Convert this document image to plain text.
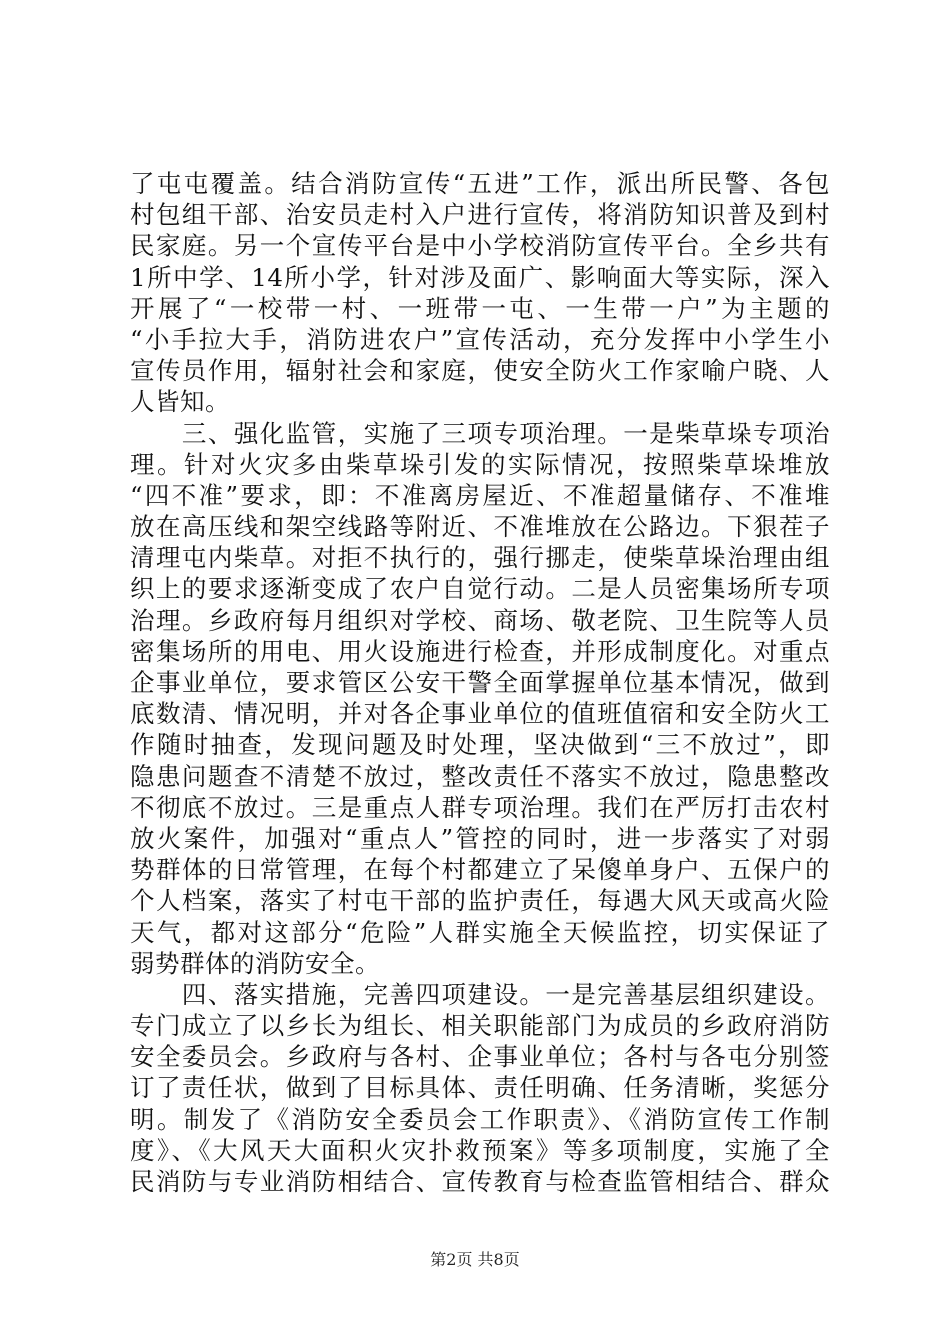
了屯屯覆盖。结合消防宣传“五进”工作，派出所民警、各包
村包组干部、治安员走村入户进行宣传，将消防知识普及到村
民家庭。另一个宣传平台是中小学校消防宣传平台。全乡共有
1所中学、14所小学，针对涉及面广、影响面大等实际，深入
开展了“一校带一村、一班带一屯、一生带一户”为主题的
“小手拉大手，消防进农户”宣传活动，充分发挥中小学生小
宣传员作用，辐射社会和家庭，使安全防火工作家喻户晓、人
人皆知。
　　三、强化监管，实施了三项专项治理。一是柴草垛专项治
理。针对火灾多由柴草垛引发的实际情况，按照柴草垛堆放
“四不准”要求，即：不准离房屋近、不准超量储存、不准堆
放在高压线和架空线路等附近、不准堆放在公路边。下狠茬子
清理屯内柴草。对拒不执行的，强行挪走，使柴草垛治理由组
织上的要求逐渐变成了农户自觉行动。二是人员密集场所专项
治理。乡政府每月组织对学校、商场、敬老院、卫生院等人员
密集场所的用电、用火设施进行检查，并形成制度化。对重点
企事业单位，要求管区公安干警全面掌握单位基本情况，做到
底数清、情况明，并对各企事业单位的值班值宿和安全防火工
作随时抽查，发现问题及时处理，坚决做到“三不放过”，即
隐患问题查不清楚不放过，整改责任不落实不放过，隐患整改
不彻底不放过。三是重点人群专项治理。我们在严厉打击农村
放火案件，加强对“重点人”管控的同时，进一步落实了对弱
势群体的日常管理，在每个村都建立了呆傻单身户、五保户的
个人档案，落实了村屯干部的监护责任，每遇大风天或高火险
天气，都对这部分“危险”人群实施全天候监控，切实保证了
弱势群体的消防安全。
　　四、落实措施，完善四项建设。一是完善基层组织建设。
专门成立了以乡长为组长、相关职能部门为成员的乡政府消防
安全委员会。乡政府与各村、企事业单位；各村与各屯分别签
订了责任状，做到了目标具体、责任明确、任务清晰，奖惩分
明。制发了《消防安全委员会工作职责》、《消防宣传工作制
度》、《大风天大面积火灾扑救预案》等多项制度，实施了全
民消防与专业消防相结合、宣传教育与检查监管相结合、群众
第2页 共8页
